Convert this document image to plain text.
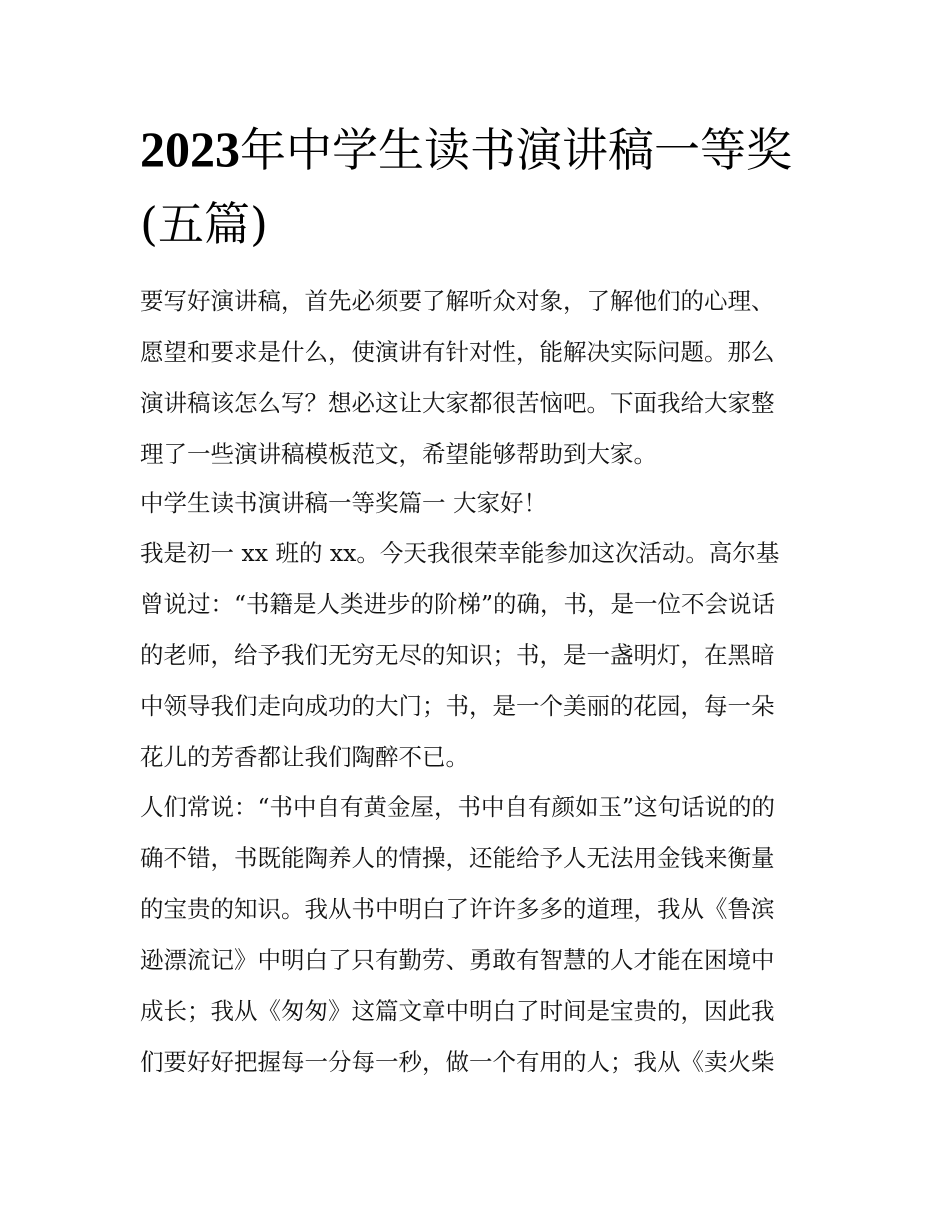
2023年中学生读书演讲稿一等奖(五篇)
要写好演讲稿，首先必须要了解听众对象，了解他们的心理、
愿望和要求是什么，使演讲有针对性，能解决实际问题。那么
演讲稿该怎么写？想必这让大家都很苦恼吧。下面我给大家整
理了一些演讲稿模板范文，希望能够帮助到大家。
中学生读书演讲稿一等奖篇一 大家好！
我是初一 xx 班的 xx。今天我很荣幸能参加这次活动。高尔基
曾说过：“书籍是人类进步的阶梯”的确，书，是一位不会说话
的老师，给予我们无穷无尽的知识；书，是一盏明灯，在黑暗
中领导我们走向成功的大门；书，是一个美丽的花园，每一朵
花儿的芳香都让我们陶醉不已。
人们常说：“书中自有黄金屋，书中自有颜如玉”这句话说的的
确不错，书既能陶养人的情操，还能给予人无法用金钱来衡量
的宝贵的知识。我从书中明白了许许多多的道理，我从《鲁滨
逊漂流记》中明白了只有勤劳、勇敢有智慧的人才能在困境中
成长；我从《匆匆》这篇文章中明白了时间是宝贵的，因此我
们要好好把握每一分每一秒，做一个有用的人；我从《卖火柴
